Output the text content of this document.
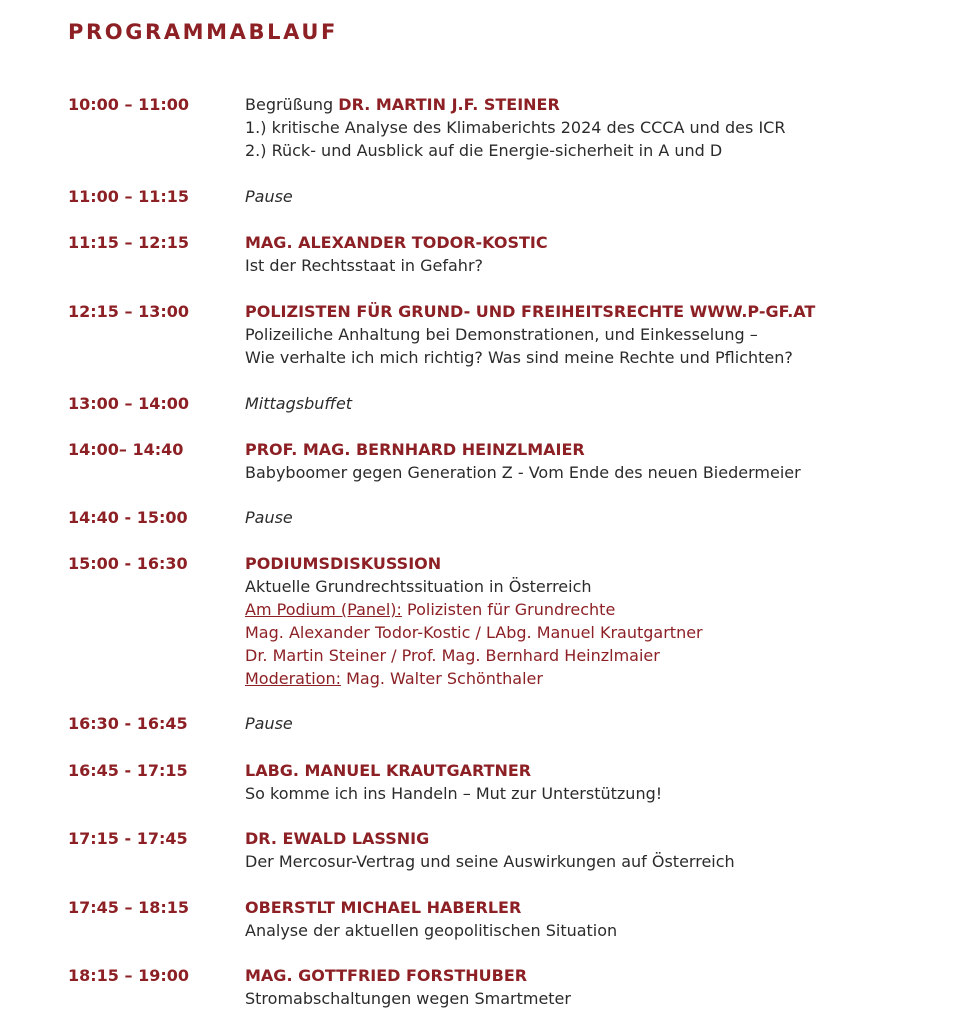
PROGRAMMABLAUF
10:00 – 11:00	Begrüßung DR. MARTIN J.F. STEINER
1.) kritische Analyse des Klimaberichts 2024 des CCCA und des ICR
2.) Rück- und Ausblick auf die Energie-sicherheit in A und D
11:00 – 11:15	Pause
11:15 – 12:15	MAG. ALEXANDER TODOR-KOSTIC
Ist der Rechtsstaat in Gefahr?
12:15 – 13:00	POLIZISTEN FÜR GRUND- UND FREIHEITSRECHTE WWW.P-GF.AT
Polizeiliche Anhaltung bei Demonstrationen, und Einkesselung –
Wie verhalte ich mich richtig? Was sind meine Rechte und Pflichten?
13:00 – 14:00	Mittagsbuffet
14:00– 14:40	PROF. MAG. BERNHARD HEINZLMAIER
Babyboomer gegen Generation Z - Vom Ende des neuen Biedermeier
14:40 - 15:00	Pause
15:00 - 16:30	PODIUMSDISKUSSION
Aktuelle Grundrechtssituation in Österreich
Am Podium (Panel): Polizisten für Grundrechte
Mag. Alexander Todor-Kostic / LAbg. Manuel Krautgartner
Dr. Martin Steiner / Prof. Mag. Bernhard Heinzlmaier
Moderation: Mag. Walter Schönthaler
16:30 - 16:45	Pause
16:45 - 17:15	LABG. MANUEL KRAUTGARTNER
So komme ich ins Handeln – Mut zur Unterstützung!
17:15 - 17:45	DR. EWALD LASSNIG
Der Mercosur-Vertrag und seine Auswirkungen auf Österreich
17:45 – 18:15	OBERSTLT MICHAEL HABERLER
Analyse der aktuellen geopolitischen Situation
18:15 – 19:00	MAG. GOTTFRIED FORSTHUBER
Stromabschaltungen wegen Smartmeter
